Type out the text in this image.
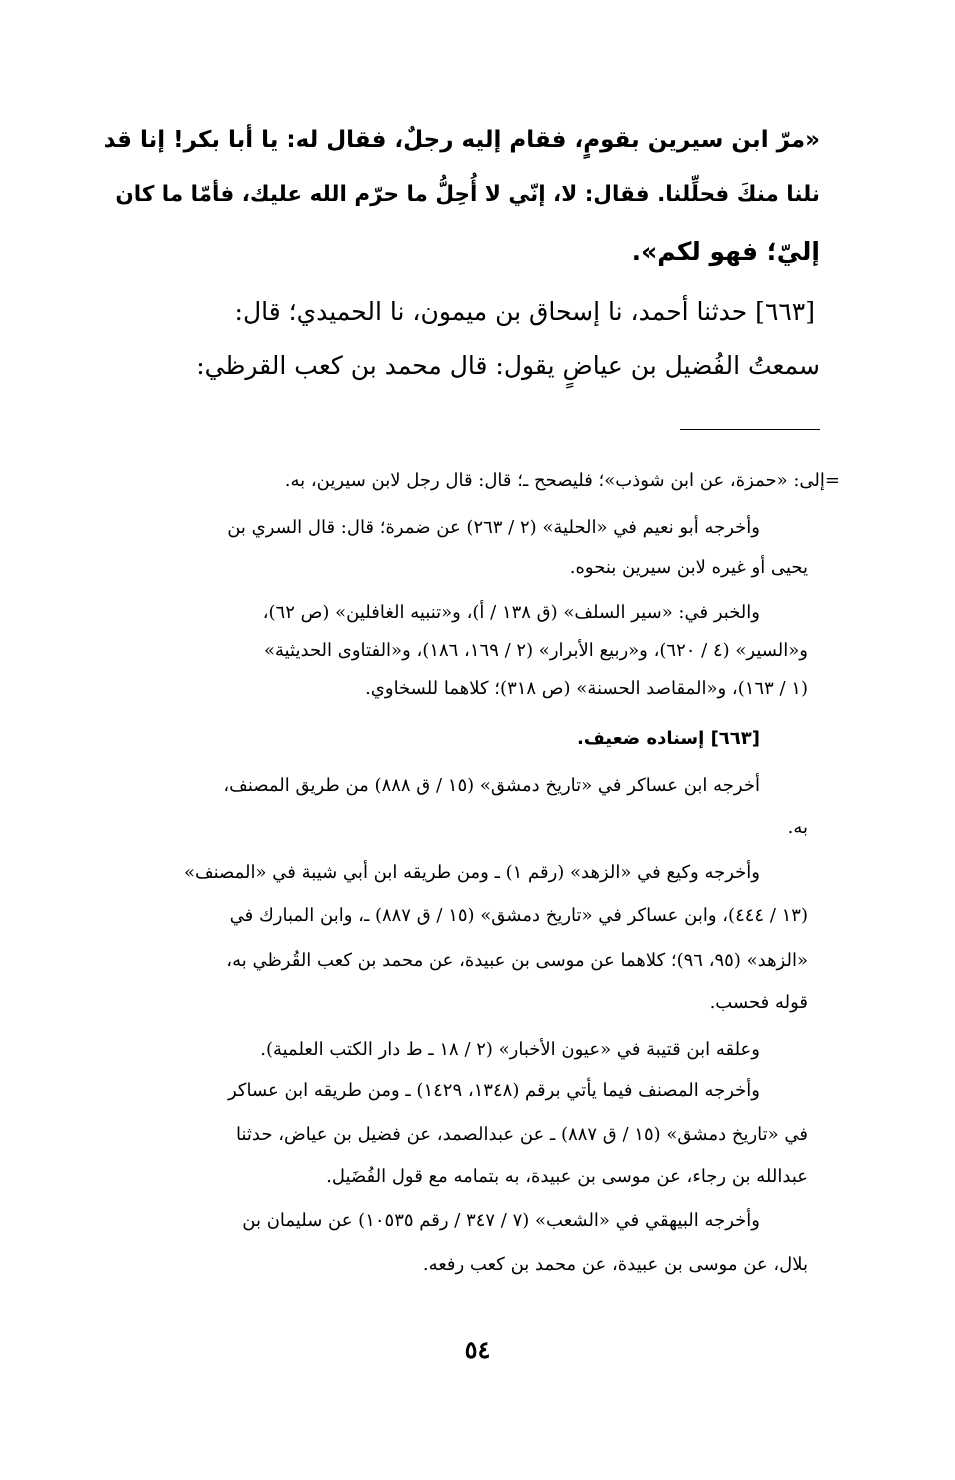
«مرّ ابن سيرين بقومٍ، فقام إليه رجلٌ، فقال له: يا أبا بكر! إنا قد
نلنا منكَ فحلِّلنا. فقال: لا، إنّي لا أُحِلُّ ما حرّم الله عليك، فأمّا ما كان
إليّ؛ فهو لكم».
[٦٦٣] حدثنا أحمد، نا إسحاق بن ميمون، نا الحميدي؛ قال:
سمعتُ الفُضيل بن عياضٍ يقول: قال محمد بن كعب القرظي:
=إلى: «حمزة، عن ابن شوذب»؛ فليصحح ـ؛ قال: قال رجل لابن سيرين، به.
وأخرجه أبو نعيم في «الحلية» (٢ / ٢٦٣) عن ضمرة؛ قال: قال السري بن
يحيى أو غيره لابن سيرين بنحوه.
والخبر في: «سير السلف» (ق ١٣٨ / أ)، و«تنبيه الغافلين» (ص ٦٢)،
و«السير» (٤ / ٦٢٠)، و«ربيع الأبرار» (٢ / ١٦٩، ١٨٦)، و«الفتاوى الحديثية»
(١ / ١٦٣)، و«المقاصد الحسنة» (ص ٣١٨)؛ كلاهما للسخاوي.
[٦٦٣] إسناده ضعيف.
أخرجه ابن عساكر في «تاريخ دمشق» (١٥ / ق ٨٨٨) من طريق المصنف،
به.
وأخرجه وكيع في «الزهد» (رقم ١) ـ ومن طريقه ابن أبي شيبة في «المصنف»
(١٣ / ٤٤٤)، وابن عساكر في «تاريخ دمشق» (١٥ / ق ٨٨٧) ـ، وابن المبارك في
«الزهد» (٩٥، ٩٦)؛ كلاهما عن موسى بن عبيدة، عن محمد بن كعب القُرظي به،
قوله فحسب.
وعلقه ابن قتيبة في «عيون الأخبار» (٢ / ١٨ ـ ط دار الكتب العلمية).
وأخرجه المصنف فيما يأتي برقم (١٣٤٨، ١٤٢٩) ـ ومن طريقه ابن عساكر
في «تاريخ دمشق» (١٥ / ق ٨٨٧) ـ عن عبدالصمد، عن فضيل بن عياض، حدثنا
عبدالله بن رجاء، عن موسى بن عبيدة، به بتمامه مع قول الفُضَيل.
وأخرجه البيهقي في «الشعب» (٧ / ٣٤٧ / رقم ١٠٥٣٥) عن سليمان بن
بلال، عن موسى بن عبيدة، عن محمد بن كعب رفعه.
٥٤
